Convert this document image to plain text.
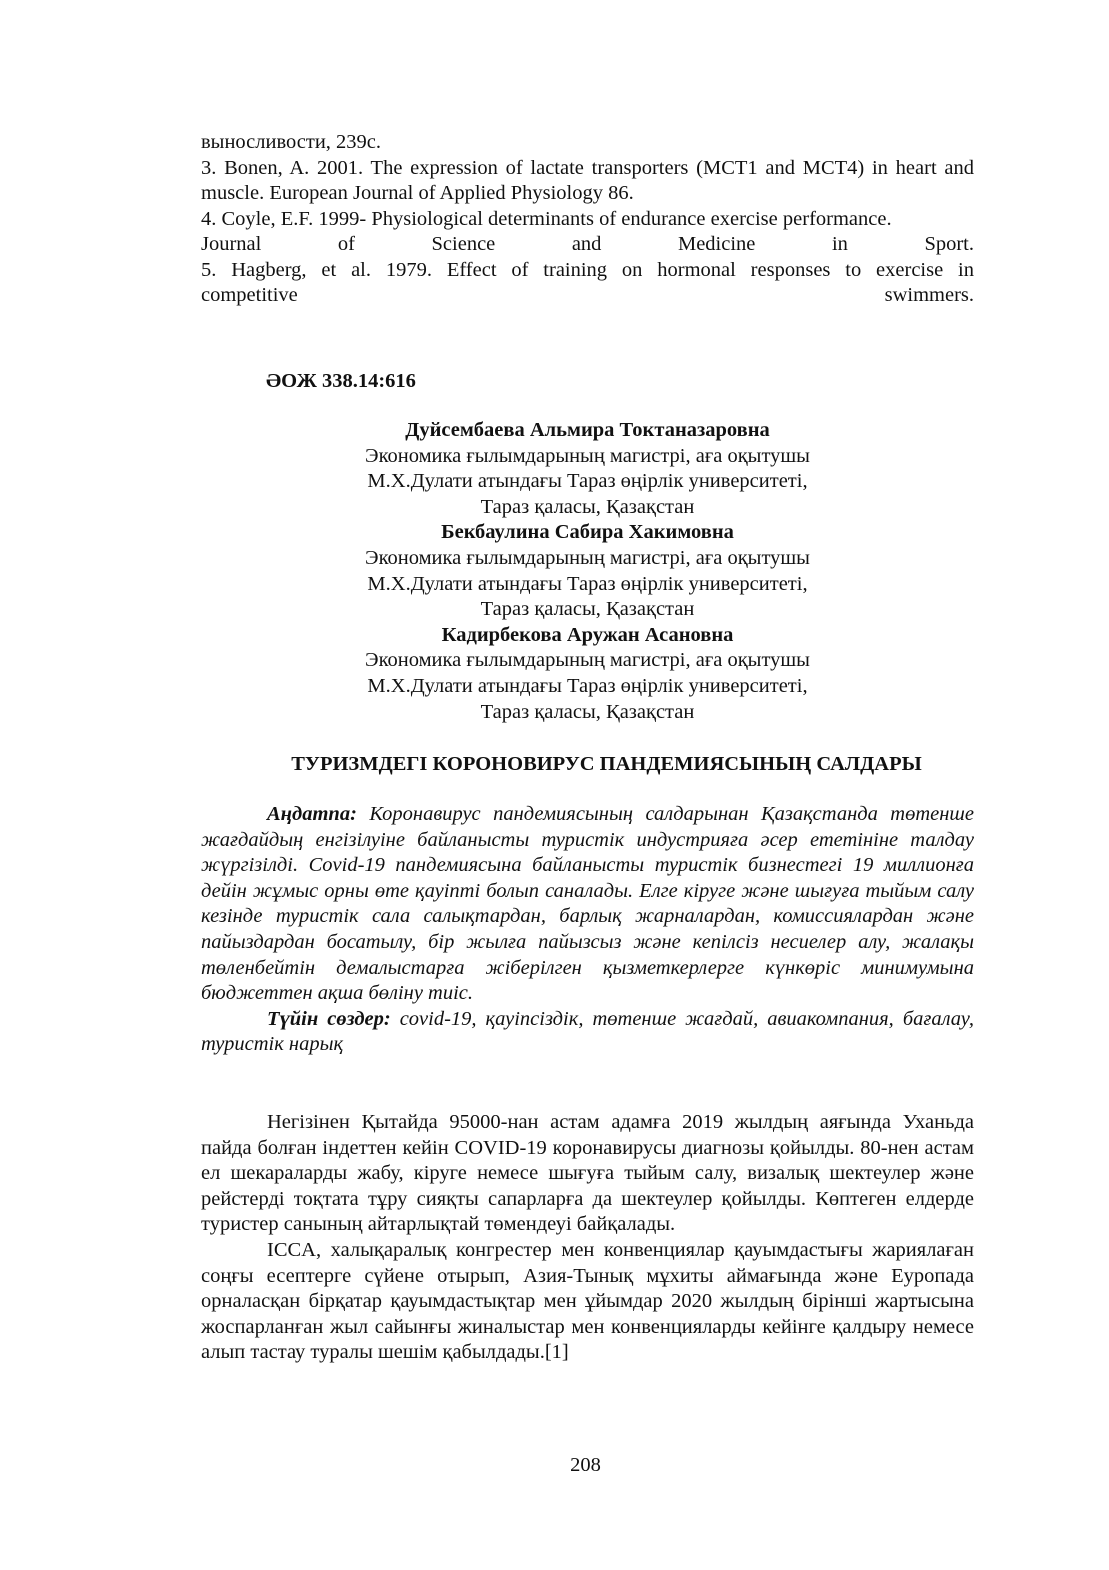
выносливости, 239с.
3. Bonen, A. 2001. The expression of lactate transporters (MCT1 and MCT4) in heart and muscle. European Journal of Applied Physiology 86.
4. Coyle, E.F. 1999- Physiological determinants of endurance exercise performance.
Journal of Science and Medicine in Sport.
5. Hagberg, et al. 1979. Effect of training on hormonal responses to exercise in
competitive swimmers.
ӘОЖ 338.14:616
Дуйсембаева Альмира Токтаназаровна
Экономика ғылымдарының магистрі, аға оқытушы
М.Х.Дулати атындағы Тараз өңірлік университеті,
Тараз қаласы, Қазақстан
Бекбаулина Сабира Хакимовна
Экономика ғылымдарының магистрі, аға оқытушы
М.Х.Дулати атындағы Тараз өңірлік университеті,
Тараз қаласы, Қазақстан
Кадирбекова Аружан Асановна
Экономика ғылымдарының магистрі, аға оқытушы
М.Х.Дулати атындағы Тараз өңірлік университеті,
Тараз қаласы, Қазақстан
ТУРИЗМДЕГІ КОРОНОВИРУС ПАНДЕМИЯСЫНЫҢ САЛДАРЫ
Аңдатпа: Коронавирус пандемиясының салдарынан Қазақстанда төтенше жағдайдың енгізілуіне байланысты туристік индустрияға әсер ететініне талдау жүргізілді. Covid-19 пандемиясына байланысты туристік бизнестегі 19 миллионға дейін жұмыс орны өте қауіпті болып саналады. Елге кіруге және шығуға тыйым салу кезінде туристік сала салықтардан, барлық жарналардан, комиссиялардан және пайыздардан босатылу, бір жылға пайызсыз және кепілсіз несиелер алу, жалақы төленбейтін демалыстарға жіберілген қызметкерлерге күнкөріс минимумына бюджеттен ақша бөліну тиіс.
Түйін сөздер: covid-19, қауіпсіздік, төтенше жағдай, авиакомпания, бағалау, туристік нарық
Негізінен Қытайда 95000-нан астам адамға 2019 жылдың аяғында Уханьда пайда болған індеттен кейін COVID-19 коронавирусы диагнозы қойылды. 80-нен астам ел шекараларды жабу, кіруге немесе шығуға тыйым салу, визалық шектеулер және рейстерді тоқтата тұру сияқты сапарларға да шектеулер қойылды. Көптеген елдерде туристер санының айтарлықтай төмендеуі байқалады.
ICCA, халықаралық конгрестер мен конвенциялар қауымдастығы жариялаған соңғы есептерге сүйене отырып, Азия-Тынық мұхиты аймағында және Еуропада орналасқан бірқатар қауымдастықтар мен ұйымдар 2020 жылдың бірінші жартысына жоспарланған жыл сайынғы жиналыстар мен конвенцияларды кейінге қалдыру немесе алып тастау туралы шешім қабылдады.[1]
208
